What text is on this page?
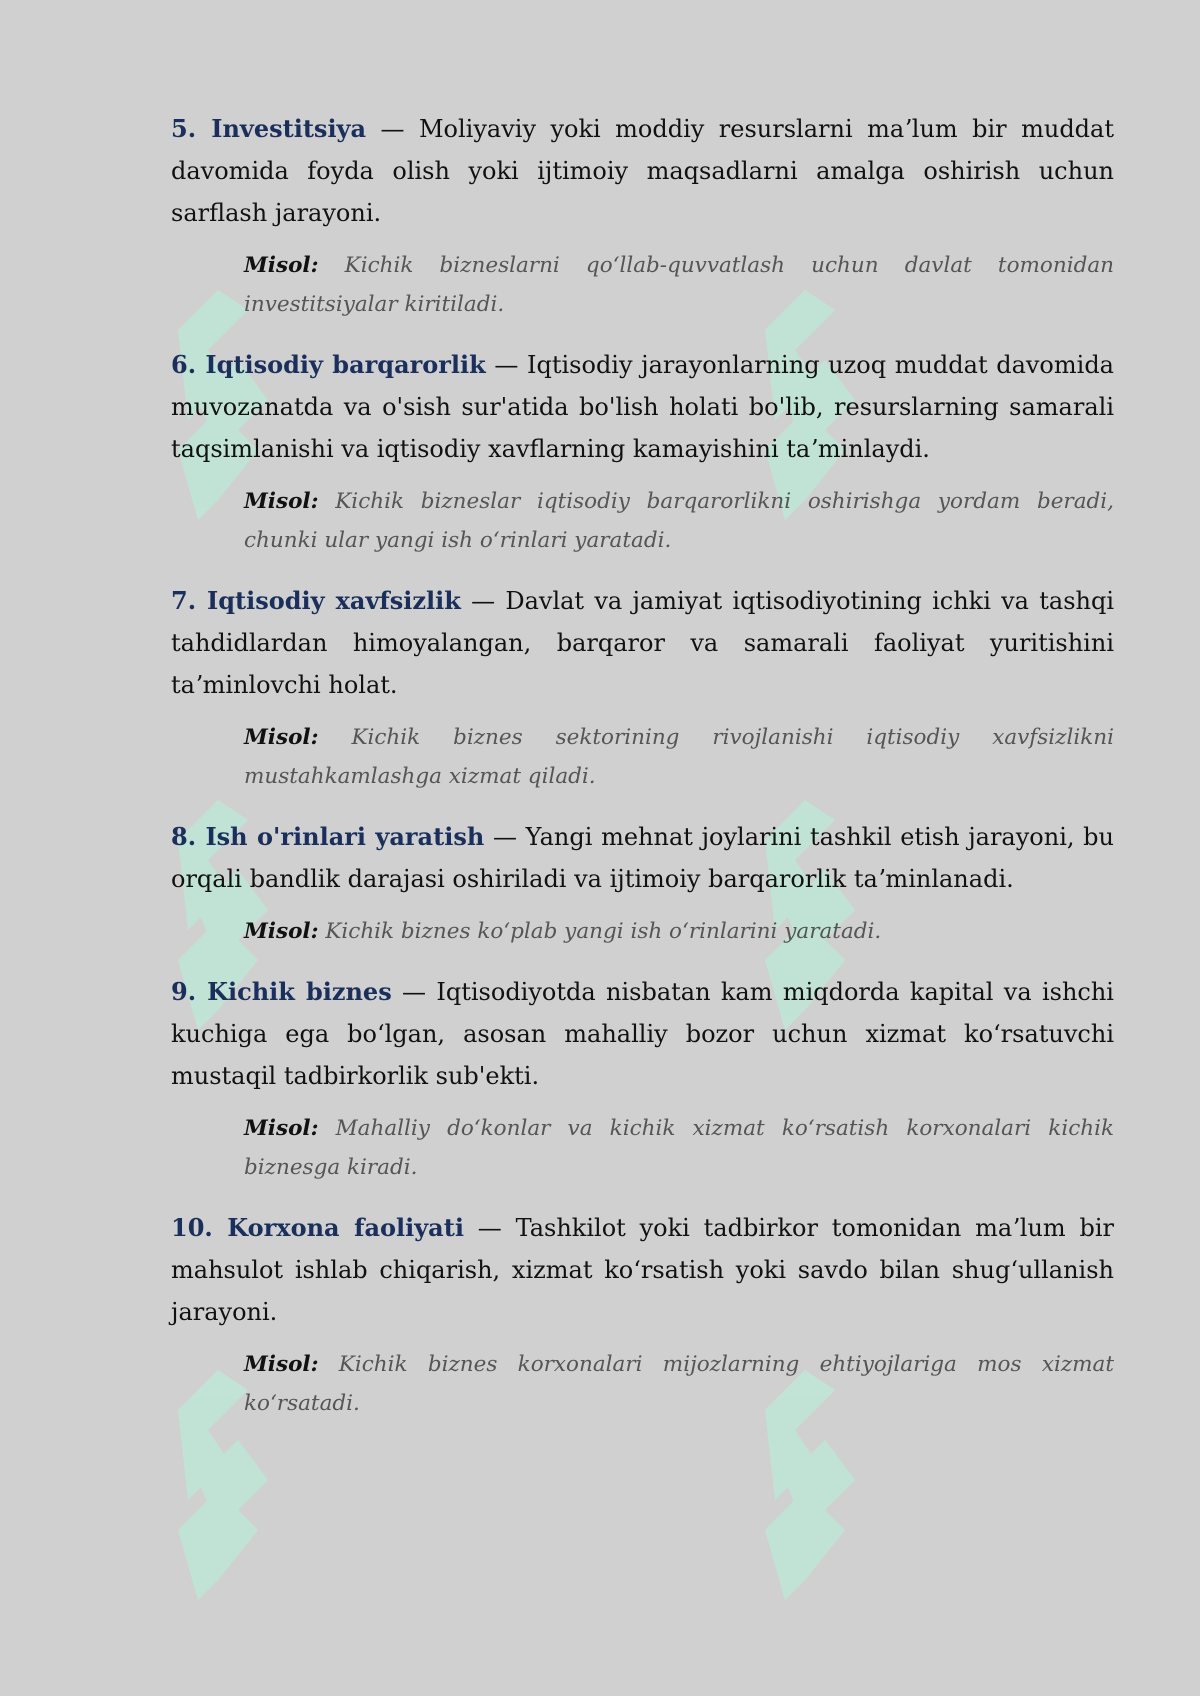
5. Investitsiya — Moliyaviy yoki moddiy resurslarni maʼlum bir muddat davomida foyda olish yoki ijtimoiy maqsadlarni amalga oshirish uchun sarflash jarayoni.

Misol: Kichik bizneslarni qoʻllab-quvvatlash uchun davlat tomonidan investitsiyalar kiritiladi.

6. Iqtisodiy barqarorlik — Iqtisodiy jarayonlarning uzoq muddat davomida muvozanatda va o'sish sur'atida bo'lish holati bo'lib, resurslarning samarali taqsimlanishi va iqtisodiy xavflarning kamayishini taʼminlaydi.

Misol: Kichik bizneslar iqtisodiy barqarorlikni oshirishga yordam beradi, chunki ular yangi ish oʻrinlari yaratadi.

7. Iqtisodiy xavfsizlik — Davlat va jamiyat iqtisodiyotining ichki va tashqi tahdidlardan himoyalangan, barqaror va samarali faoliyat yuritishini taʼminlovchi holat.

Misol: Kichik biznes sektorining rivojlanishi iqtisodiy xavfsizlikni mustahkamlashga xizmat qiladi.

8. Ish o'rinlari yaratish — Yangi mehnat joylarini tashkil etish jarayoni, bu orqali bandlik darajasi oshiriladi va ijtimoiy barqarorlik taʼminlanadi.

Misol: Kichik biznes koʻplab yangi ish oʻrinlarini yaratadi.

9. Kichik biznes — Iqtisodiyotda nisbatan kam miqdorda kapital va ishchi kuchiga ega boʻlgan, asosan mahalliy bozor uchun xizmat koʻrsatuvchi mustaqil tadbirkorlik sub'ekti.

Misol: Mahalliy doʻkonlar va kichik xizmat koʻrsatish korxonalari kichik biznesga kiradi.

10. Korxona faoliyati — Tashkilot yoki tadbirkor tomonidan maʼlum bir mahsulot ishlab chiqarish, xizmat koʻrsatish yoki savdo bilan shugʻullanish jarayoni.

Misol: Kichik biznes korxonalari mijozlarning ehtiyojlariga mos xizmat koʻrsatadi.
